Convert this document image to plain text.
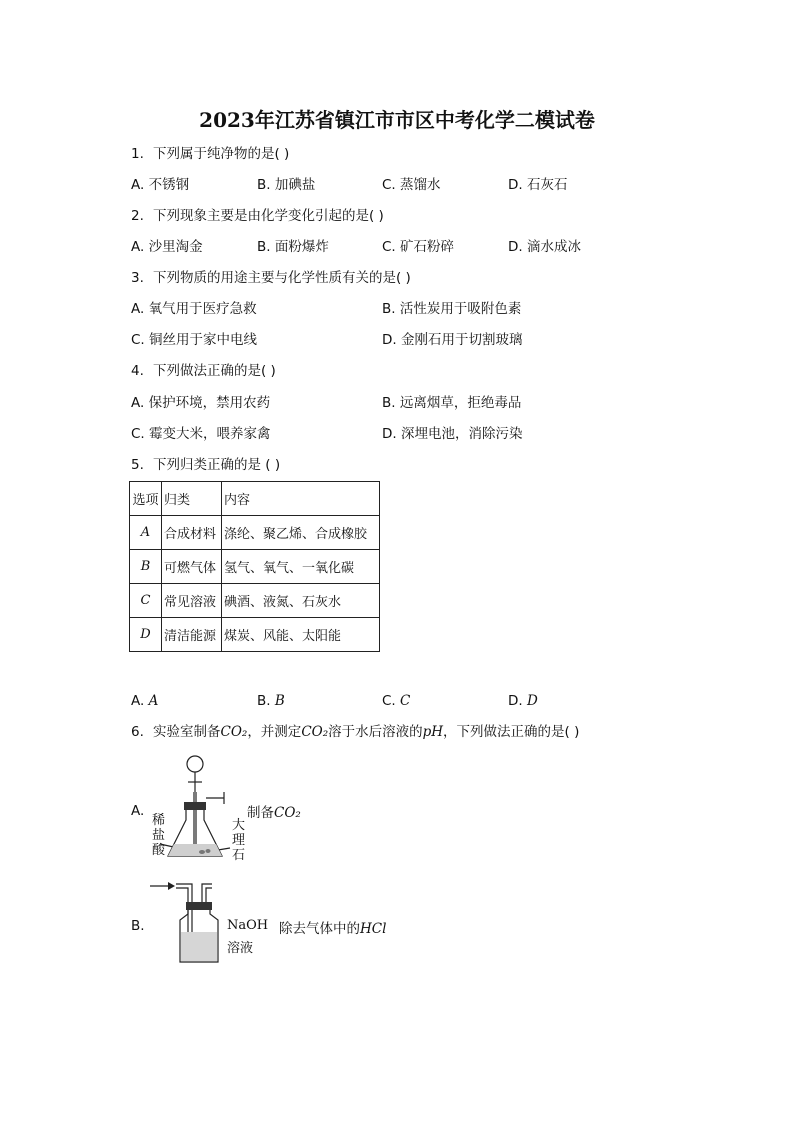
2023年江苏省镇江市市区中考化学二模试卷
1. 下列属于纯净物的是( )
A. 不锈钢	B. 加碘盐	C. 蒸馏水	D. 石灰石
2. 下列现象主要是由化学变化引起的是( )
A. 沙里淘金	B. 面粉爆炸	C. 矿石粉碎	D. 滴水成冰
3. 下列物质的用途主要与化学性质有关的是( )
A. 氧气用于医疗急救	B. 活性炭用于吸附色素
C. 铜丝用于家中电线	D. 金刚石用于切割玻璃
4. 下列做法正确的是( )
A. 保护环境，禁用农药	B. 远离烟草，拒绝毒品
C. 霉变大米，喂养家禽	D. 深埋电池，消除污染
5. 下列归类正确的是 ( )
选项	归类	内容
A	合成材料	涤纶、聚乙烯、合成橡胶
B	可燃气体	氢气、氧气、一氧化碳
C	常见溶液	碘酒、液氮、石灰水
D	清洁能源	煤炭、风能、太阳能
A. A	B. B	C. C	D. D
6. 实验室制备CO₂，并测定CO₂溶于水后溶液的pH，下列做法正确的是( )
A.
稀
盐
酸
大
理
石
制备CO₂
B.	NaOH
溶液
除去气体中的HCl
